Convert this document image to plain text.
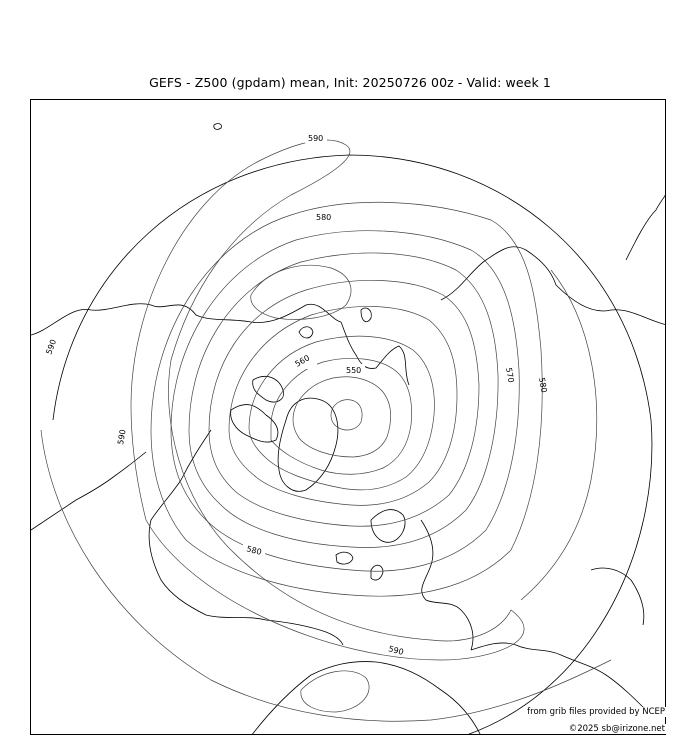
GEFS - Z500 (gpdam) mean, Init: 20250726 00z - Valid: week 1
590
580
590
590
560
550	570
580
580
590
from grib files provided by NCEP
©2025 sb@irizone.net
